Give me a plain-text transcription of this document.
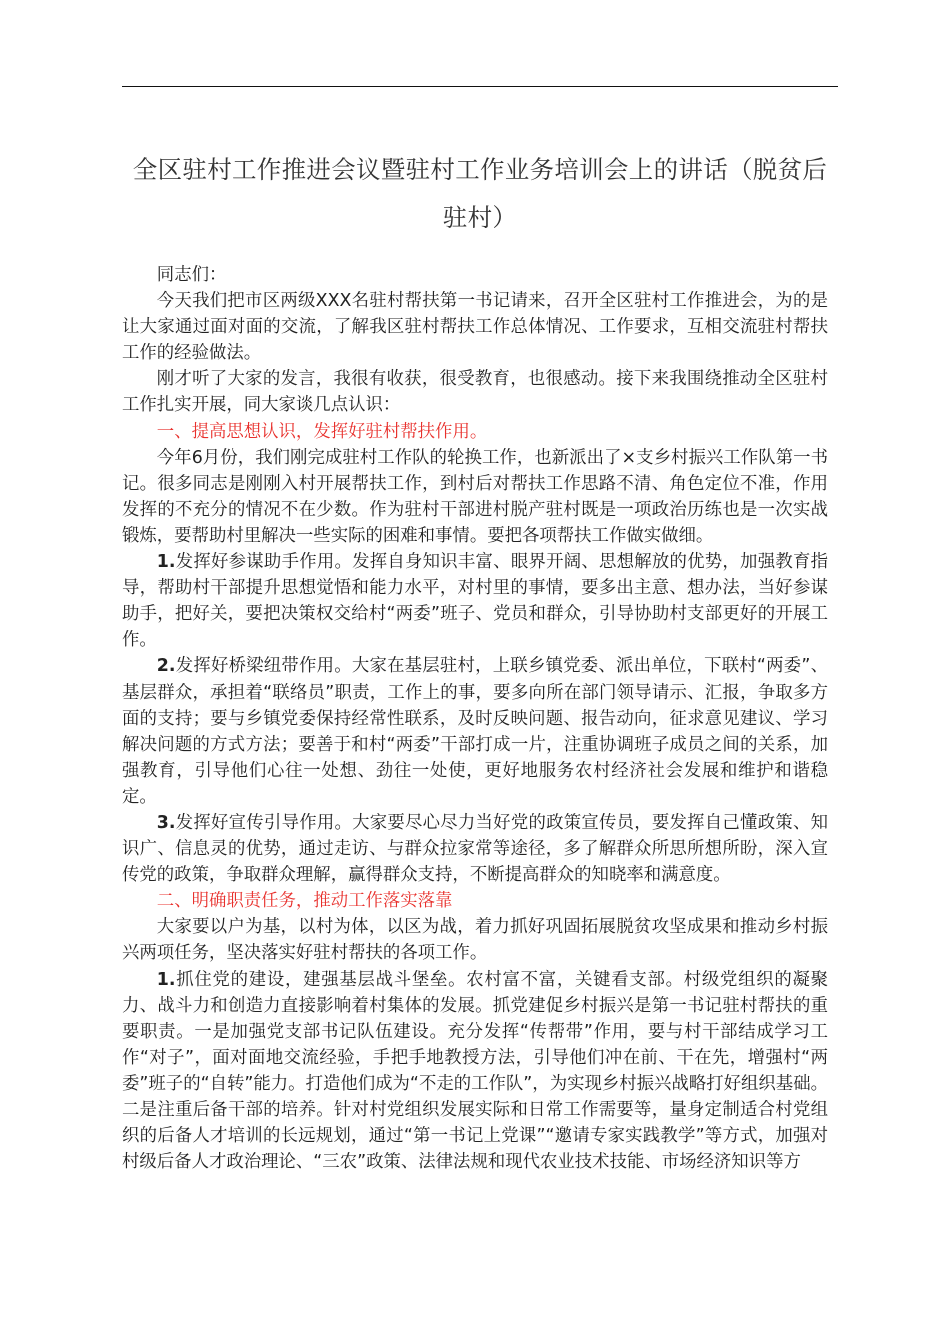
全区驻村工作推进会议暨驻村工作业务培训会上的讲话（脱贫后驻村）

同志们：

今天我们把市区两级XXX名驻村帮扶第一书记请来，召开全区驻村工作推进会，为的是让大家通过面对面的交流，了解我区驻村帮扶工作总体情况、工作要求，互相交流驻村帮扶工作的经验做法。

刚才听了大家的发言，我很有收获，很受教育，也很感动。接下来我围绕推动全区驻村工作扎实开展，同大家谈几点认识：

一、提高思想认识，发挥好驻村帮扶作用。

今年6月份，我们刚完成驻村工作队的轮换工作，也新派出了×支乡村振兴工作队第一书记。很多同志是刚刚入村开展帮扶工作，到村后对帮扶工作思路不清、角色定位不准，作用发挥的不充分的情况不在少数。作为驻村干部进村脱产驻村既是一项政治历练也是一次实战锻炼，要帮助村里解决一些实际的困难和事情。要把各项帮扶工作做实做细。

1.发挥好参谋助手作用。发挥自身知识丰富、眼界开阔、思想解放的优势，加强教育指导，帮助村干部提升思想觉悟和能力水平，对村里的事情，要多出主意、想办法，当好参谋助手，把好关，要把决策权交给村“两委”班子、党员和群众，引导协助村支部更好的开展工作。

2.发挥好桥梁纽带作用。大家在基层驻村，上联乡镇党委、派出单位，下联村“两委”、基层群众，承担着“联络员”职责，工作上的事，要多向所在部门领导请示、汇报，争取多方面的支持；要与乡镇党委保持经常性联系，及时反映问题、报告动向，征求意见建议、学习解决问题的方式方法；要善于和村“两委”干部打成一片，注重协调班子成员之间的关系，加强教育，引导他们心往一处想、劲往一处使，更好地服务农村经济社会发展和维护和谐稳定。

3.发挥好宣传引导作用。大家要尽心尽力当好党的政策宣传员，要发挥自己懂政策、知识广、信息灵的优势，通过走访、与群众拉家常等途径，多了解群众所思所想所盼，深入宣传党的政策，争取群众理解，赢得群众支持，不断提高群众的知晓率和满意度。

二、明确职责任务，推动工作落实落靠

大家要以户为基，以村为体，以区为战，着力抓好巩固拓展脱贫攻坚成果和推动乡村振兴两项任务，坚决落实好驻村帮扶的各项工作。

1.抓住党的建设，建强基层战斗堡垒。农村富不富，关键看支部。村级党组织的凝聚力、战斗力和创造力直接影响着村集体的发展。抓党建促乡村振兴是第一书记驻村帮扶的重要职责。一是加强党支部书记队伍建设。充分发挥“传帮带”作用，要与村干部结成学习工作“对子”，面对面地交流经验，手把手地教授方法，引导他们冲在前、干在先，增强村“两委”班子的“自转”能力。打造他们成为“不走的工作队”，为实现乡村振兴战略打好组织基础。二是注重后备干部的培养。针对村党组织发展实际和日常工作需要等，量身定制适合村党组织的后备人才培训的长远规划，通过“第一书记上党课”“邀请专家实践教学”等方式，加强对村级后备人才政治理论、“三农”政策、法律法规和现代农业技术技能、市场经济知识等方
